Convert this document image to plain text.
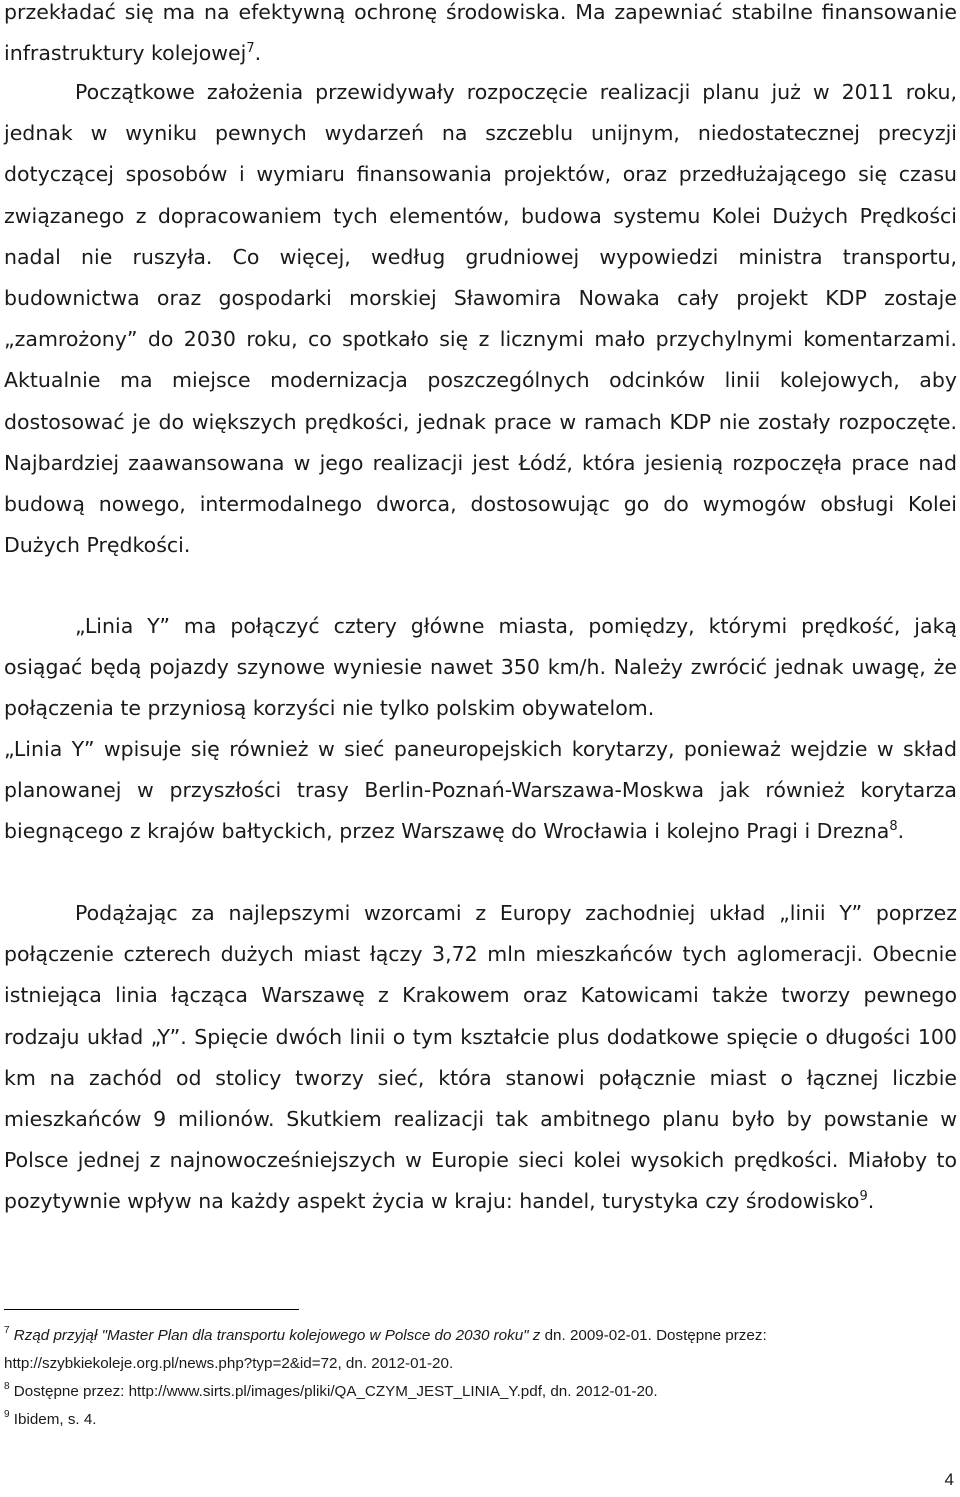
przekładać się ma na efektywną ochronę środowiska. Ma zapewniać stabilne finansowanie infrastruktury kolejowej$^7$.

Początkowe założenia przewidywały rozpoczęcie realizacji planu już w 2011 roku, jednak w wyniku pewnych wydarzeń na szczeblu unijnym, niedostatecznej precyzji dotyczącej sposobów i wymiaru finansowania projektów, oraz przedłużającego się czasu związanego z dopracowaniem tych elementów, budowa systemu Kolei Dużych Prędkości nadal nie ruszyła. Co więcej, według grudniowej wypowiedzi ministra transportu, budownictwa oraz gospodarki morskiej Sławomira Nowaka cały projekt KDP zostaje „zamrożony” do 2030 roku, co spotkało się z licznymi mało przychylnymi komentarzami. Aktualnie ma miejsce modernizacja poszczególnych odcinków linii kolejowych, aby dostosować je do większych prędkości, jednak prace w ramach KDP nie zostały rozpoczęte. Najbardziej zaawansowana w jego realizacji jest Łódź, która jesienią rozpoczęła prace nad budową nowego, intermodalnego dworca, dostosowując go do wymogów obsługi Kolei Dużych Prędkości.

„Linia Y” ma połączyć cztery główne miasta, pomiędzy, którymi prędkość, jaką osiągać będą pojazdy szynowe wyniesie nawet 350 km/h. Należy zwrócić jednak uwagę, że połączenia te przyniosą korzyści nie tylko polskim obywatelom.

„Linia Y” wpisuje się również w sieć paneuropejskich korytarzy, ponieważ wejdzie w skład planowanej w przyszłości trasy Berlin-Poznań-Warszawa-Moskwa jak również korytarza biegnącego z krajów bałtyckich, przez Warszawę do Wrocławia i kolejno Pragi i Drezna$^8$.

Podążając za najlepszymi wzorcami z Europy zachodniej układ „linii Y” poprzez połączenie czterech dużych miast łączy 3,72 mln mieszkańców tych aglomeracji. Obecnie istniejąca linia łącząca Warszawę z Krakowem oraz Katowicami także tworzy pewnego rodzaju układ „Y”. Spięcie dwóch linii o tym kształcie plus dodatkowe spięcie o długości 100 km na zachód od stolicy tworzy sieć, która stanowi połącznie miast o łącznej liczbie mieszkańców 9 milionów. Skutkiem realizacji tak ambitnego planu było by powstanie w Polsce jednej z najnowocześniejszych w Europie sieci kolei wysokich prędkości. Miałoby to pozytywnie wpływ na każdy aspekt życia w kraju: handel, turystyka czy środowisko$^9$.

$^7$ Rząd przyjął "Master Plan dla transportu kolejowego w Polsce do 2030 roku" z dn. 2009-02-01. Dostępne przez: http://szybkiekoleje.org.pl/news.php?typ=2&id=72, dn. 2012-01-20.

$^8$ Dostępne przez: http://www.sirts.pl/images/pliki/QA_CZYM_JEST_LINIA_Y.pdf, dn. 2012-01-20.

$^9$ Ibidem, s. 4.

4
